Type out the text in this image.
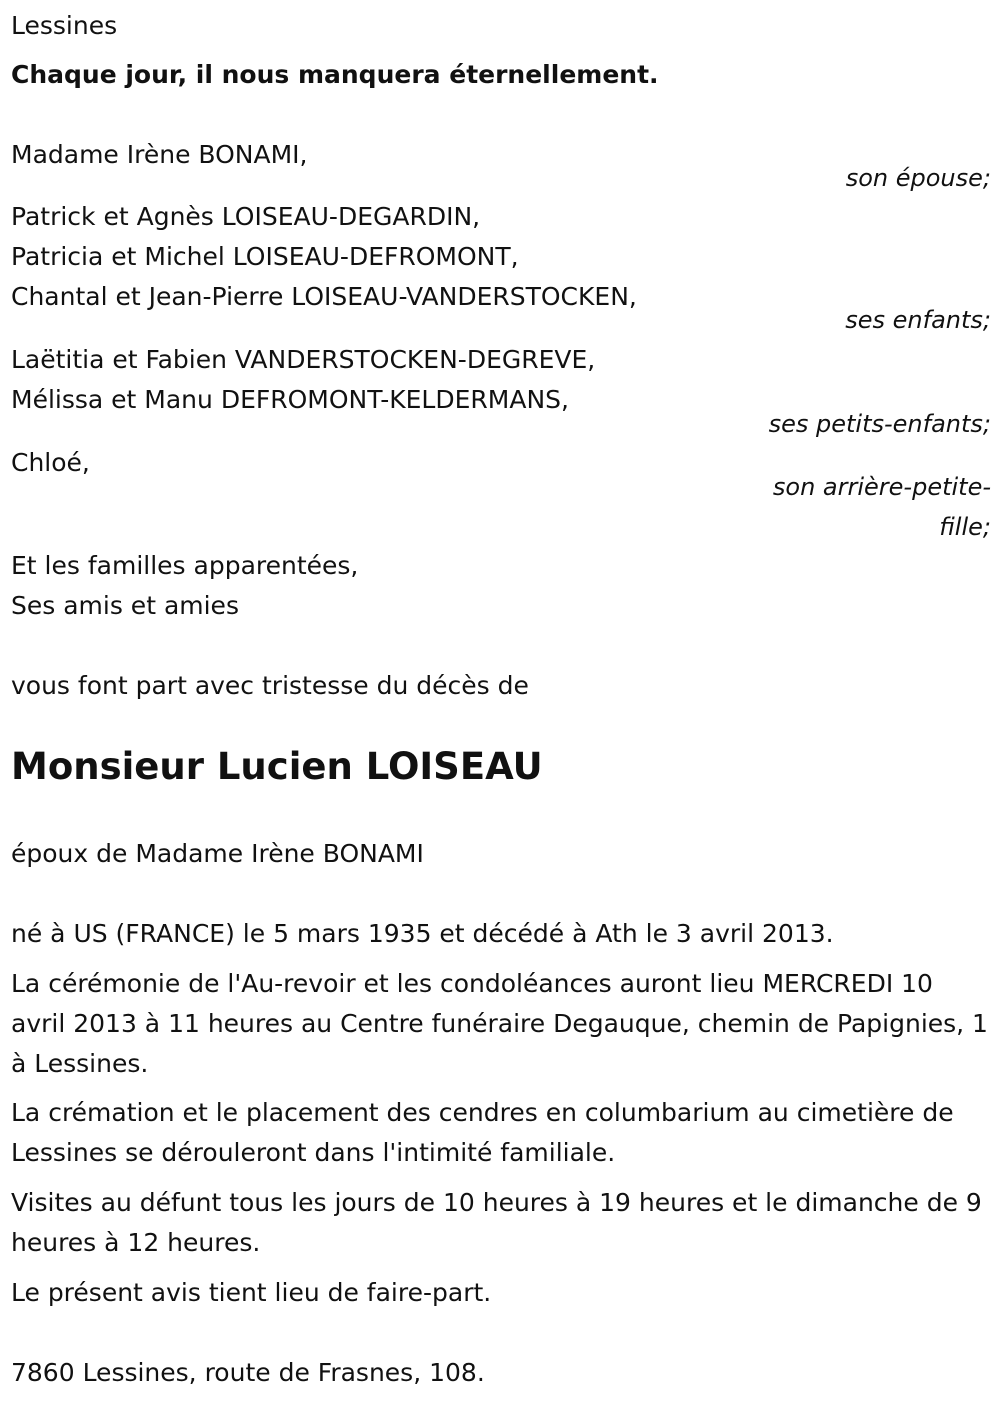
Lessines
Chaque jour, il nous manquera éternellement.
Madame Irène BONAMI,
son épouse;
Patrick et Agnès LOISEAU-DEGARDIN,
Patricia et Michel LOISEAU-DEFROMONT,
Chantal et Jean-Pierre LOISEAU-VANDERSTOCKEN,
ses enfants;
Laëtitia et Fabien VANDERSTOCKEN-DEGREVE,
Mélissa et Manu DEFROMONT-KELDERMANS,
ses petits-enfants;
Chloé,
son arrière-petite-
fille;
Et les familles apparentées,
Ses amis et amies
vous font part avec tristesse du décès de
Monsieur Lucien LOISEAU
époux de Madame Irène BONAMI
né à US (FRANCE) le 5 mars 1935 et décédé à Ath le 3 avril 2013.
La cérémonie de l'Au-revoir et les condoléances auront lieu MERCREDI 10 avril 2013 à 11 heures au Centre funéraire Degauque, chemin de Papignies, 1 à Lessines.
La crémation et le placement des cendres en columbarium au cimetière de Lessines se dérouleront dans l'intimité familiale.
Visites au défunt tous les jours de 10 heures à 19 heures et le dimanche de 9 heures à 12 heures.
Le présent avis tient lieu de faire-part.
7860 Lessines, route de Frasnes, 108.
